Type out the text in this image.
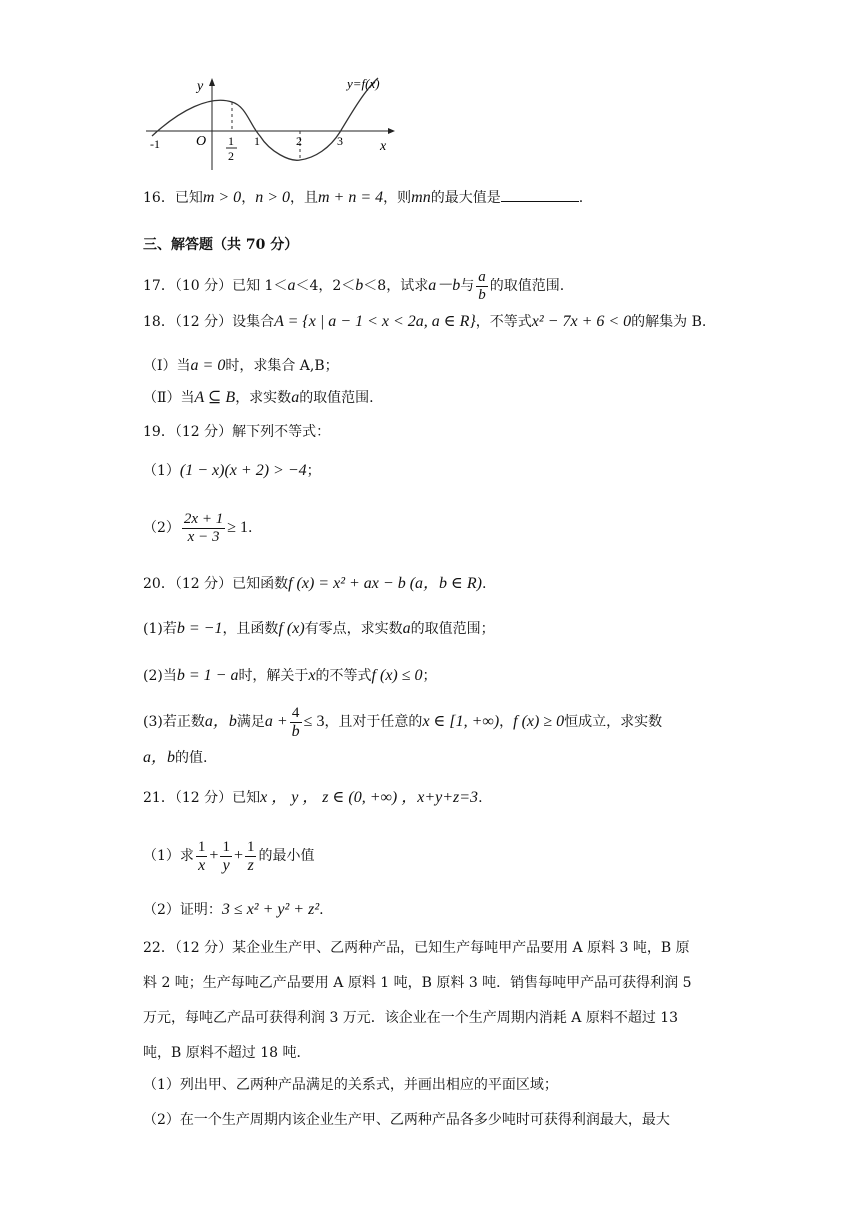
y
x
O
y=f(x)
-1	1
2
1	2	3
16．已知m > 0，n > 0，且m + n = 4，则mn的最大值是	.
三、解答题（共 70 分）
17．（10 分）已知 1＜a＜4，2＜b＜8，试求a－b与 $\frac{a}{b}$ 的取值范围.
18．（12 分）设集合A = {x | a − 1 < x < 2a, a ∈ R}，不等式x² − 7x + 6 < 0的解集为 B.
（Ⅰ）当a = 0时，求集合 A,B；
（Ⅱ）当A ⊆ B，求实数a的取值范围.
19．（12 分）解下列不等式：
（1）(1 − x)(x + 2) > −4；
$(2) \frac{2x + 1}{x - 3} \ge 1$.
20．（12 分）已知函数f (x) = x² + ax − b (a，b ∈ R).
(1)若b = −1，且函数f (x)有零点，求实数a的取值范围；
(2)当b = 1 − a时，解关于x的不等式f (x) ≤ 0；
(3)若正数a，b满足$a + \frac{4}{b} \le 3$，且对于任意的x ∈ [1, +∞)，f (x) ≥ 0恒成立，求实数
a，b的值.
21．（12 分）已知x ， y ， z ∈ (0, +∞) ，x+y+z=3.
（1）求 $\frac{1}{x} + \frac{1}{y} + \frac{1}{z}$ 的最小值
（2）证明：3 ≤ x² + y² + z².
22．（12 分）某企业生产甲、乙两种产品，已知生产每吨甲产品要用 A 原料 3 吨，B 原
料 2 吨；生产每吨乙产品要用 A 原料 1 吨，B 原料 3 吨．销售每吨甲产品可获得利润 5
万元，每吨乙产品可获得利润 3 万元．该企业在一个生产周期内消耗 A 原料不超过 13
吨，B 原料不超过 18 吨．
（1）列出甲、乙两种产品满足的关系式，并画出相应的平面区域；
（2）在一个生产周期内该企业生产甲、乙两种产品各多少吨时可获得利润最大，最大
